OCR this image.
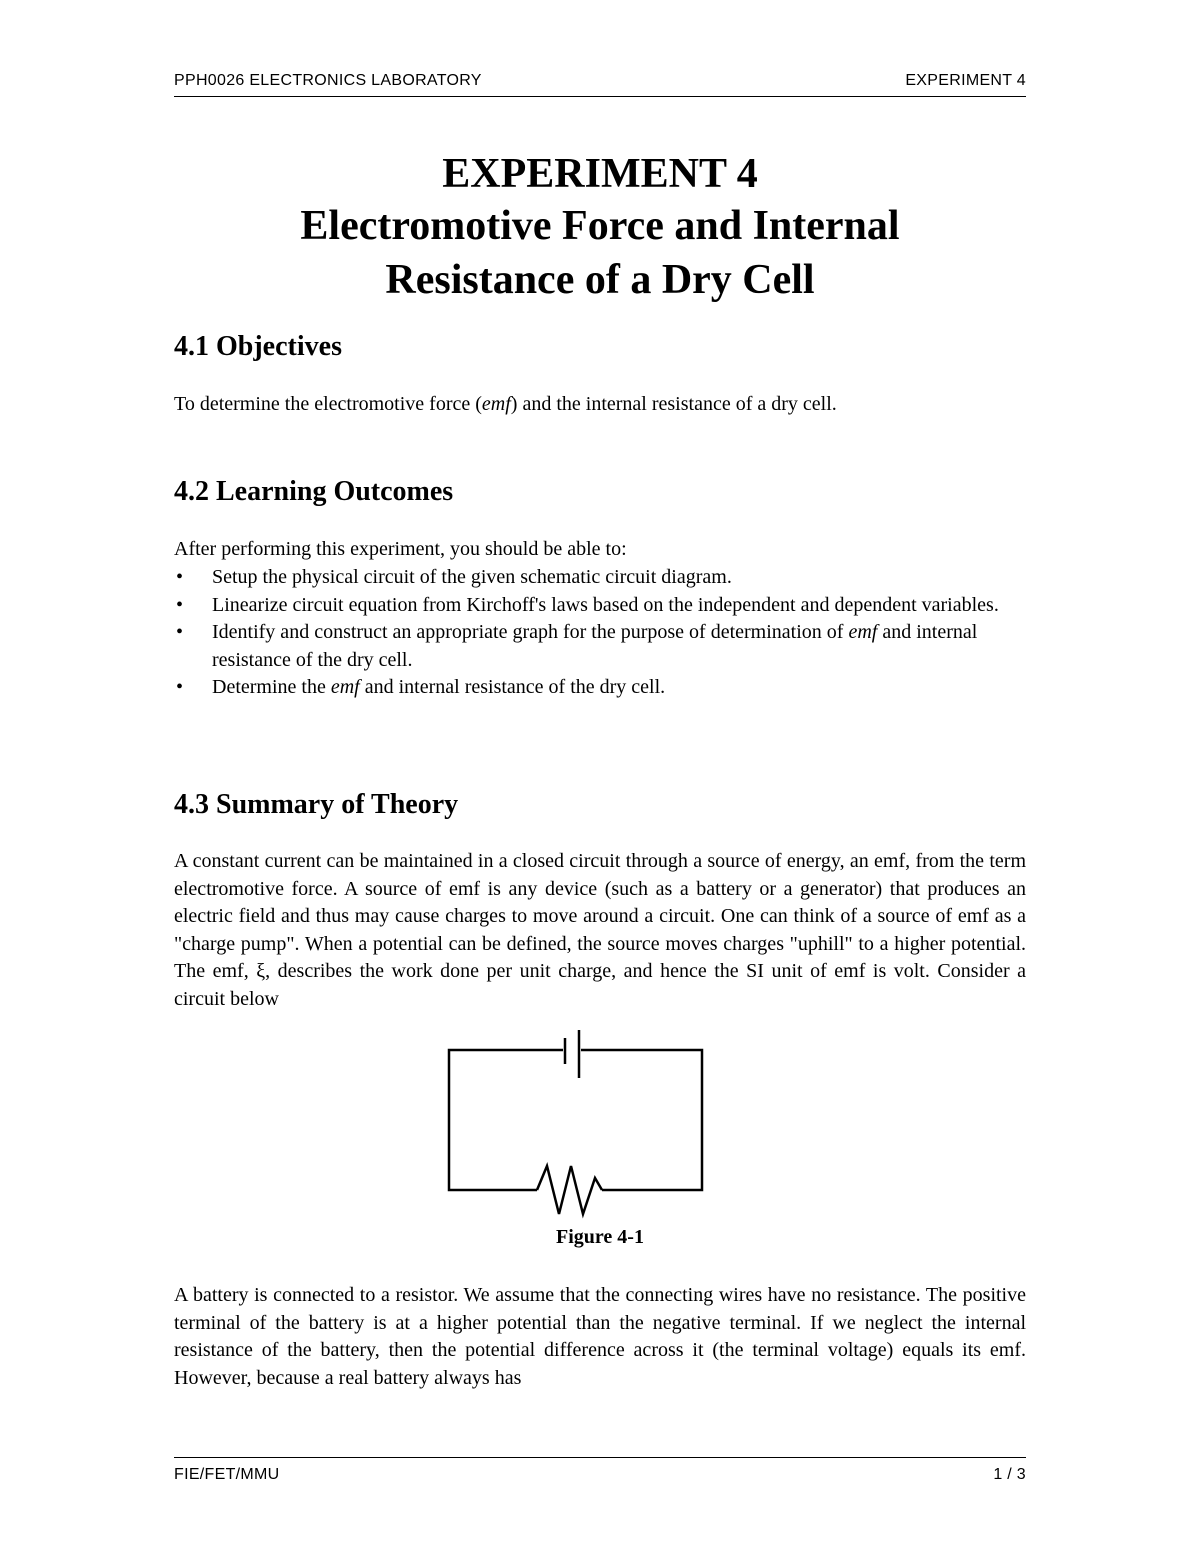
PPH0026 ELECTRONICS LABORATORY	EXPERIMENT 4
EXPERIMENT 4
Electromotive Force and Internal
Resistance of a Dry Cell
4.1 Objectives

To determine the electromotive force (emf) and the internal resistance of a dry cell.

4.2 Learning Outcomes

After performing this experiment, you should be able to:

• Setup the physical circuit of the given schematic circuit diagram.
• Linearize circuit equation from Kirchoff's laws based on the independent and dependent variables.
• Identify and construct an appropriate graph for the purpose of determination of emf and internal resistance of the dry cell.
• Determine the emf and internal resistance of the dry cell.
4.3 Summary of Theory

A constant current can be maintained in a closed circuit through a source of energy, an emf, from the term electromotive force. A source of emf is any device (such as a battery or a generator) that produces an electric field and thus may cause charges to move around a circuit. One can think of a source of emf as a "charge pump". When a potential can be defined, the source moves charges "uphill" to a higher potential. The emf, ξ, describes the work done per unit charge, and hence the SI unit of emf is volt. Consider a circuit below

Figure 4-1

A battery is connected to a resistor. We assume that the connecting wires have no resistance. The positive terminal of the battery is at a higher potential than the negative terminal. If we neglect the internal resistance of the battery, then the potential difference across it (the terminal voltage) equals its emf. However, because a real battery always has

FIE/FET/MMU	1 / 3
